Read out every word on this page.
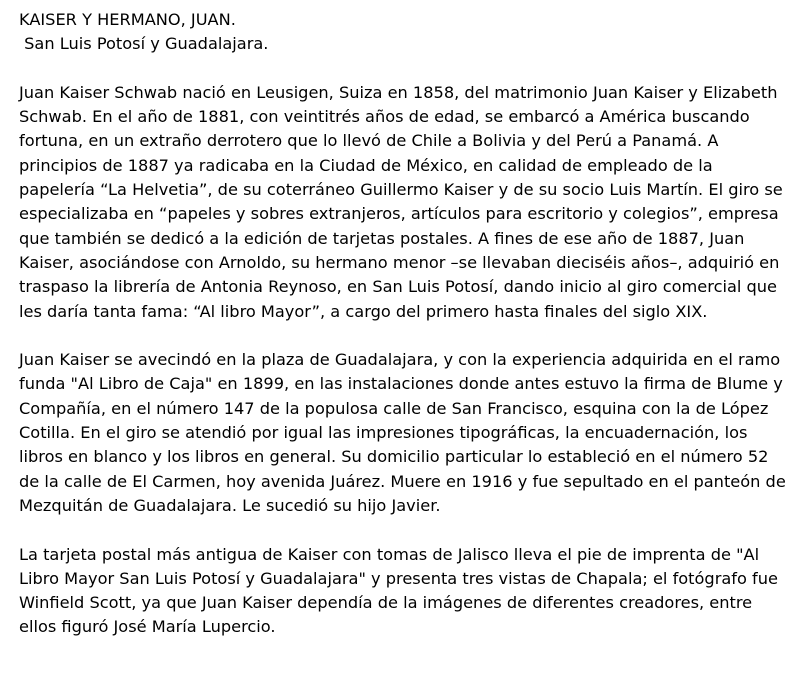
KAISER Y HERMANO, JUAN.
San Luis Potosí y Guadalajara.

Juan Kaiser Schwab nació en Leusigen, Suiza en 1858, del matrimonio Juan Kaiser y Elizabeth Schwab. En el año de 1881, con veintitrés años de edad, se embarcó a América buscando fortuna, en un extraño derrotero que lo llevó de Chile a Bolivia y del Perú a Panamá. A principios de 1887 ya radicaba en la Ciudad de México, en calidad de empleado de la papelería “La Helvetia”, de su coterráneo Guillermo Kaiser y de su socio Luis Martín. El giro se especializaba en “papeles y sobres extranjeros, artículos para escritorio y colegios”, empresa que también se dedicó a la edición de tarjetas postales. A fines de ese año de 1887, Juan Kaiser, asociándose con Arnoldo, su hermano menor –se llevaban dieciséis años–, adquirió en traspaso la librería de Antonia Reynoso, en San Luis Potosí, dando inicio al giro comercial que les daría tanta fama: “Al libro Mayor”, a cargo del primero hasta finales del siglo XIX.

Juan Kaiser se avecindó en la plaza de Guadalajara, y con la experiencia adquirida en el ramo funda "Al Libro de Caja" en 1899, en las instalaciones donde antes estuvo la firma de Blume y Compañía, en el número 147 de la populosa calle de San Francisco, esquina con la de López Cotilla. En el giro se atendió por igual las impresiones tipográficas, la encuadernación, los libros en blanco y los libros en general. Su domicilio particular lo estableció en el número 52 de la calle de El Carmen, hoy avenida Juárez. Muere en 1916 y fue sepultado en el panteón de Mezquitán de Guadalajara. Le sucedió su hijo Javier.

La tarjeta postal más antigua de Kaiser con tomas de Jalisco lleva el pie de imprenta de "Al Libro Mayor San Luis Potosí y Guadalajara" y presenta tres vistas de Chapala; el fotógrafo fue Winfield Scott, ya que Juan Kaiser dependía de la imágenes de diferentes creadores, entre ellos figuró José María Lupercio.
